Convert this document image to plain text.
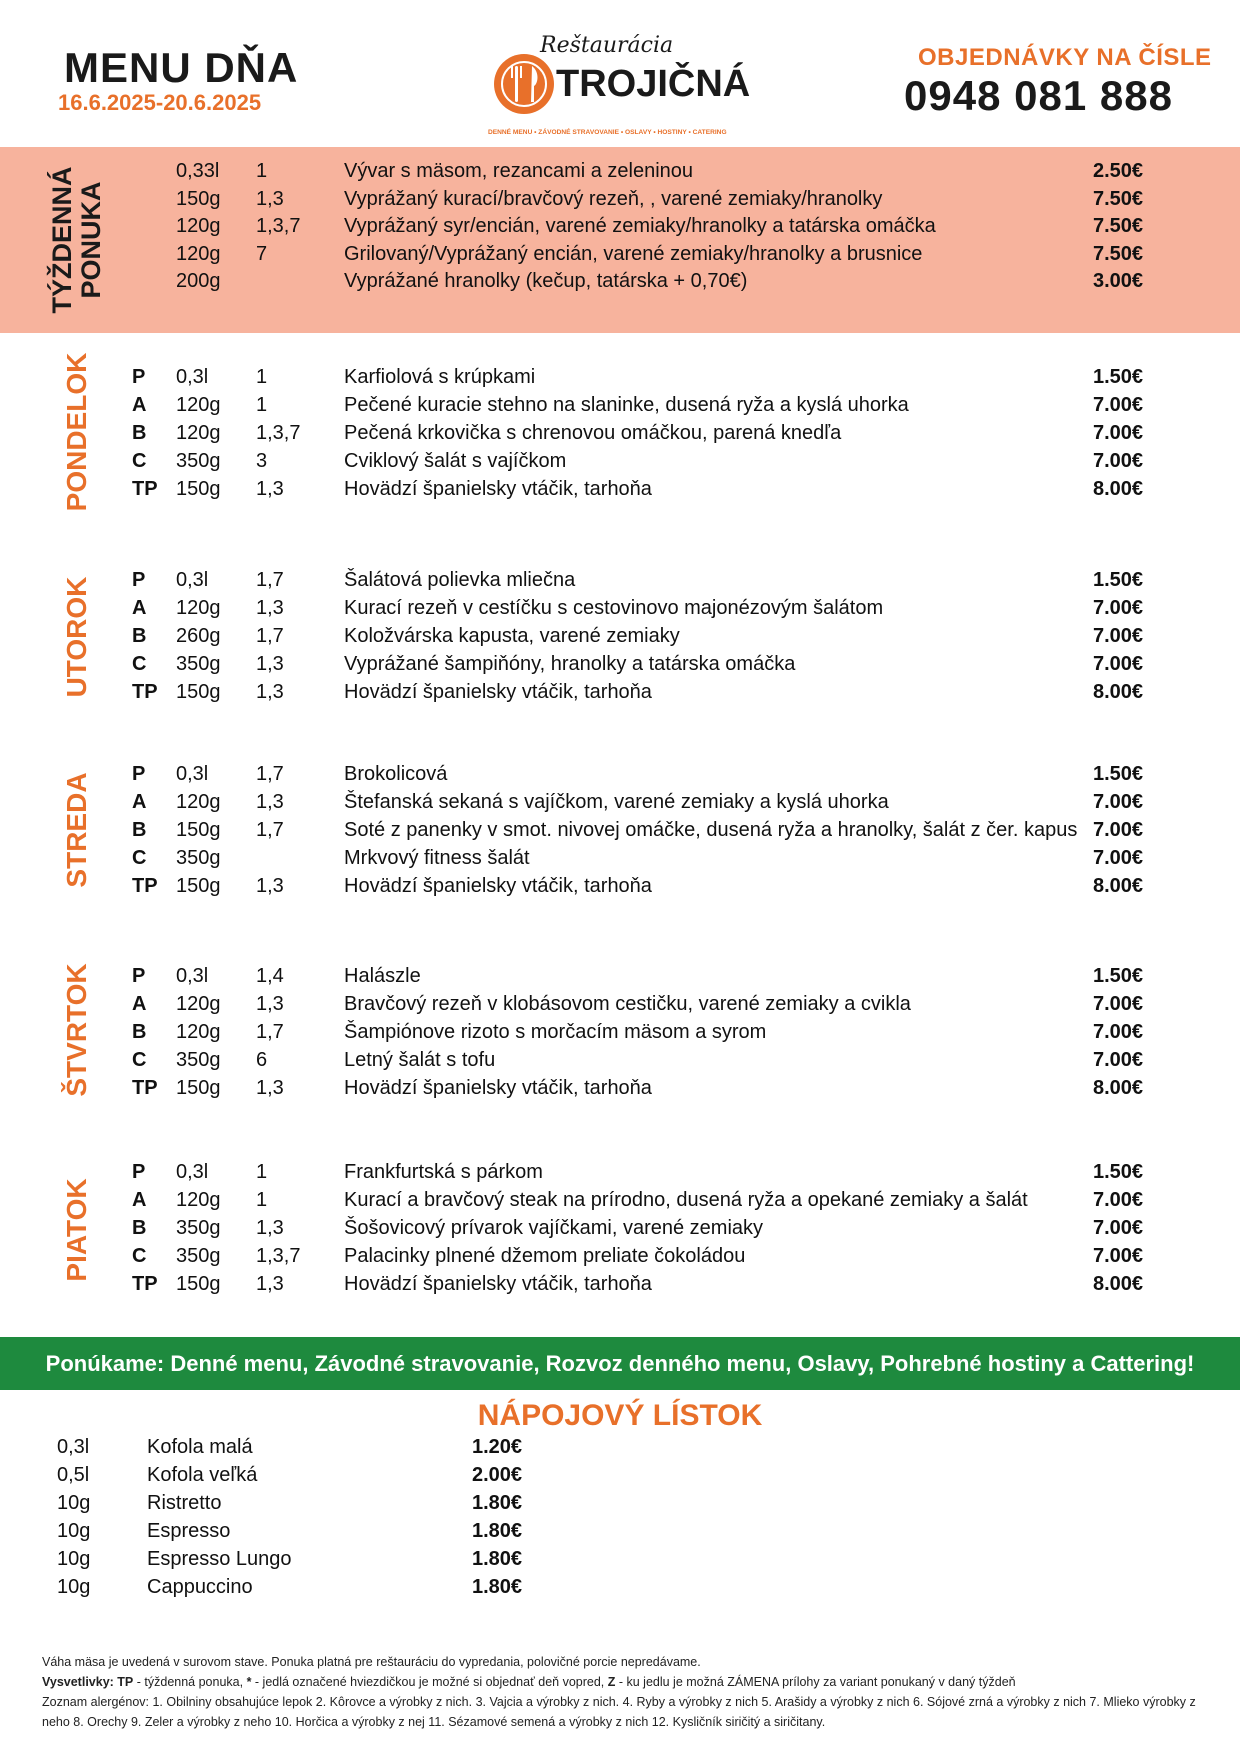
MENU DŇA
16.6.2025-20.6.2025
Reštaurácia
TROJIČNÁ
DENNÉ MENU • ZÁVODNÉ STRAVOVANIE • OSLAVY • HOSTINY • CATERING
OBJEDNÁVKY NA ČÍSLE
0948 081 888
TÝŽDENNÁ PONUKA
0,33l 1	Vývar s mäsom, rezancami a zeleninou	2.50€
150g 1,3	Vyprážaný kurací/bravčový rezeň, , varené zemiaky/hranolky	7.50€
120g 1,3,7 Vyprážaný syr/encián, varené zemiaky/hranolky a tatárska omáčka	7.50€
120g 7	Grilovaný/Vyprážaný encián, varené zemiaky/hranolky a brusnice	7.50€
200g	Vyprážané hranolky (kečup, tatárska + 0,70€)	3.00€
PONDELOK P 0,3l 1	Karfiolová s krúpkami	1.50€
A 120g 1	Pečené kuracie stehno na slaninke, dusená ryža a kyslá uhorka	7.00€
B 120g 1,3,7 Pečená krkovička s chrenovou omáčkou, parená knedľa	7.00€
C 350g 3	Cviklový šalát s vajíčkom	7.00€
TP 150g 1,3	Hovädzí španielsky vtáčik, tarhoňa	8.00€
UTOROK P 0,3l 1,7	Šalátová polievka mliečna	1.50€
A 120g 1,3	Kurací rezeň v cestíčku s cestovinovo majonézovým šalátom	7.00€
B 260g 1,7	Koložvárska kapusta, varené zemiaky	7.00€
C 350g 1,3	Vyprážané šampiňóny, hranolky a tatárska omáčka	7.00€
TP 150g 1,3	Hovädzí španielsky vtáčik, tarhoňa	8.00€
STREDA P 0,3l 1,7	Brokolicová	1.50€
A 120g 1,3	Štefanská sekaná s vajíčkom, varené zemiaky a kyslá uhorka	7.00€
B 150g 1,7	Soté z panenky v smot. nivovej omáčke, dusená ryža a hranolky, šalát z čer. kapus 7.00€
C 350g	Mrkvový fitness šalát	7.00€
TP 150g 1,3	Hovädzí španielsky vtáčik, tarhoňa	8.00€
ŠTVRTOK P 0,3l 1,4	Halászle	1.50€
A 120g 1,3	Bravčový rezeň v klobásovom cestičku, varené zemiaky a cvikla	7.00€
B 120g 1,7	Šampiónove rizoto s morčacím mäsom a syrom	7.00€
C 350g 6	Letný šalát s tofu	7.00€
TP 150g 1,3	Hovädzí španielsky vtáčik, tarhoňa	8.00€
PIATOK
P 0,3l 1	Frankfurtská s párkom	1.50€
A 120g 1	Kurací a bravčový steak na prírodno, dusená ryža a opekané zemiaky a šalát	7.00€
B 350g 1,3	Šošovicový prívarok vajíčkami, varené zemiaky	7.00€
C 350g 1,3,7 Palacinky plnené džemom preliate čokoládou	7.00€
TP 150g 1,3	Hovädzí španielsky vtáčik, tarhoňa	8.00€
Ponúkame: Denné menu, Závodné stravovanie, Rozvoz denného menu, Oslavy, Pohrebné hostiny a Cattering!
NÁPOJOVÝ LÍSTOK
0,3l	Kofola malá	1.20€
0,5l	Kofola veľká	2.00€
10g	Ristretto	1.80€
10g	Espresso	1.80€
10g	Espresso Lungo	1.80€
10g	Cappuccino	1.80€

Váha mäsa je uvedená v surovom stave. Ponuka platná pre reštauráciu do vypredania, polovičné porcie nepredávame.

Vysvetlivky: TP - týždenná ponuka, * - jedlá označené hviezdičkou je možné si objednať deň vopred, Z - ku jedlu je možná ZÁMENA prílohy za variant ponukaný v daný týždeň

Zoznam alergénov: 1. Obilniny obsahujúce lepok 2. Kôrovce a výrobky z nich. 3. Vajcia a výrobky z nich. 4. Ryby a výrobky z nich 5. Arašidy a výrobky z nich 6. Sójové zrná a výrobky z nich 7. Mlieko výrobky z neho 8. Orechy 9. Zeler a výrobky z neho 10. Horčica a výrobky z nej 11. Sézamové semená a výrobky z nich 12. Kysličník siričitý a siričitany.
